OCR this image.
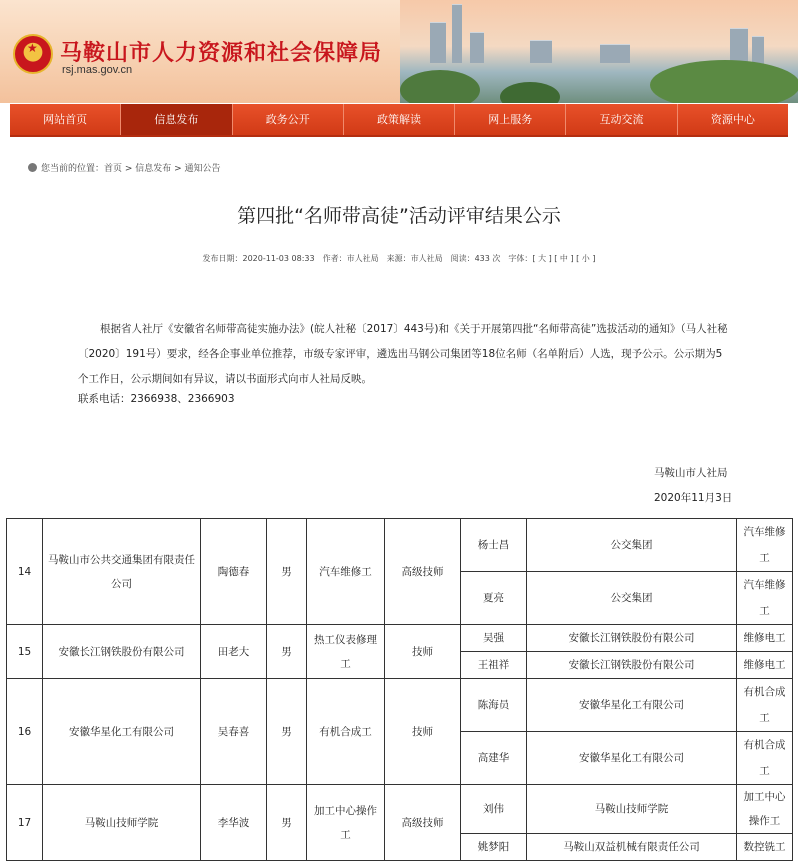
★ 马鞍山市人力资源和社会保障局
rsj.mas.gov.cn
网站首页	信息发布	政务公开	政策解读	网上服务	互动交流	资源中心
您当前的位置：首页 > 信息发布 > 通知公告
第四批“名师带高徒”活动评审结果公示
发布日期：2020-11-03 08:33　作者：市人社局　来源：市人社局　阅读：433 次　字体：[ 大 ] [ 中 ] [ 小 ]
根据省人社厅《安徽省名师带高徒实施办法》(皖人社秘〔2017〕443号)和《关于开展第四批“名师带高徒”选拔活动的通知》（马人社秘〔2020〕191号）要求，经各企事业单位推荐，市级专家评审，遴选出马钢公司集团等18位名师（名单附后）人选，现予公示。公示期为5个工作日，公示期间如有异议，请以书面形式向市人社局反映。
联系电话：2366938、2366903
马鞍山市人社局
2020年11月3日
14	马鞍山市公共交通集团有限责任公司	陶德春	男	汽车维修工	高级技师	杨士昌	公交集团	汽车维修工
						夏亮	公交集团	汽车维修工
15	安徽长江钢铁股份有限公司	田老大	男	热工仪表修理工	技师	吴强	安徽长江钢铁股份有限公司	维修电工
						王祖祥	安徽长江钢铁股份有限公司	维修电工
16	安徽华星化工有限公司	吴春喜	男	有机合成工	技师	陈海员	安徽华星化工有限公司	有机合成工
						高建华	安徽华星化工有限公司	有机合成工
17	马鞍山技师学院	李华波	男	加工中心操作工	高级技师	刘伟	马鞍山技师学院	加工中心操作工
						姚梦阳	马鞍山双益机械有限责任公司	数控铣工
